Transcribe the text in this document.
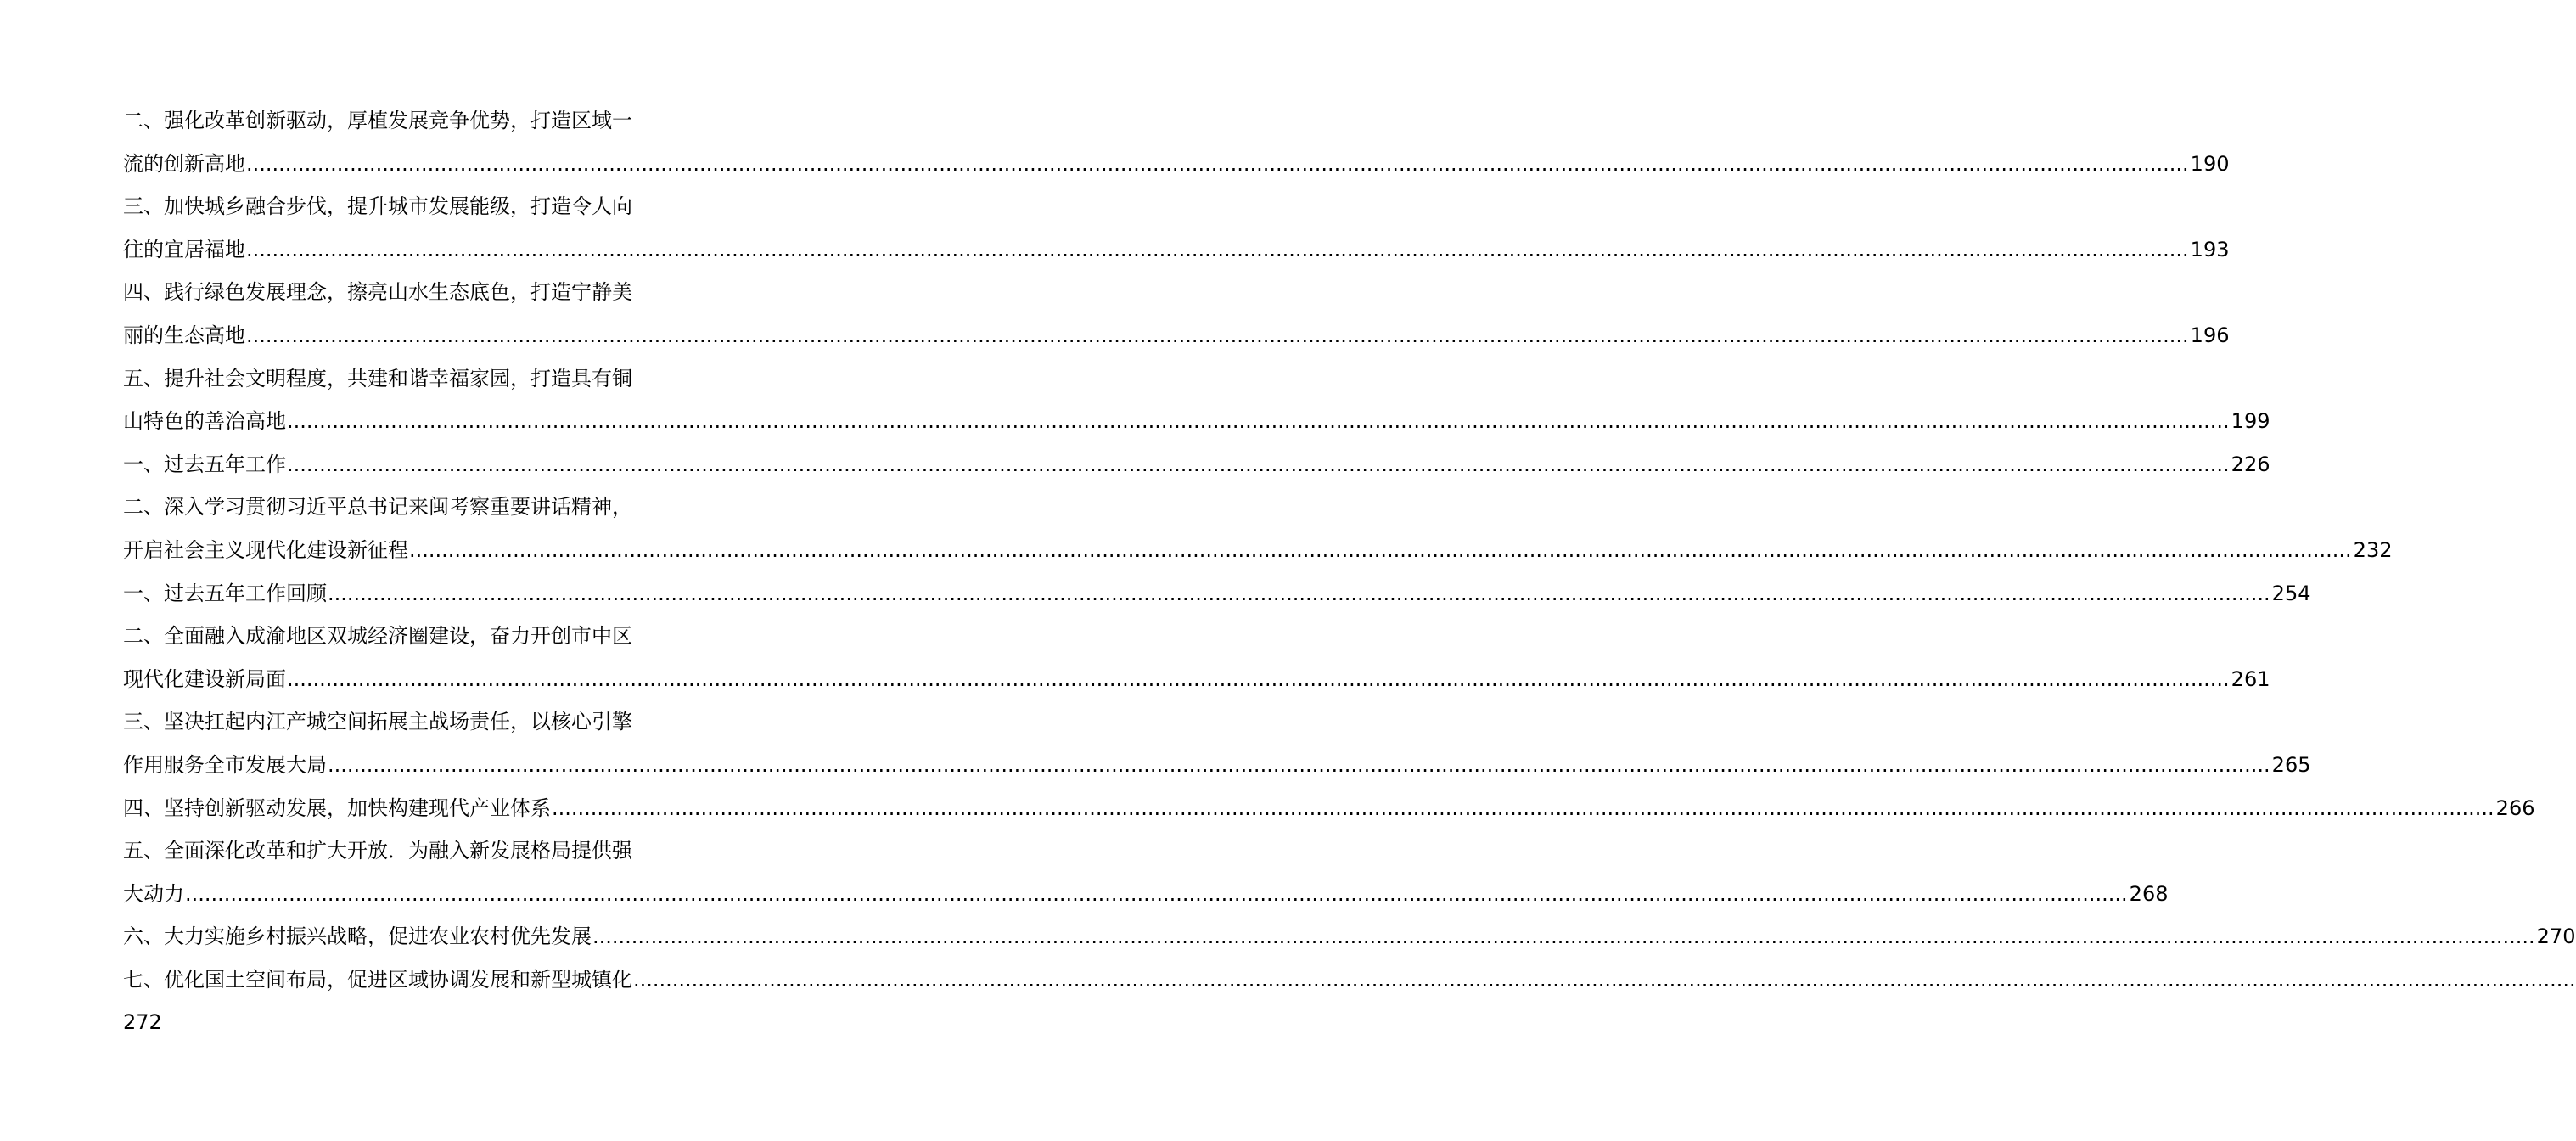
二、强化改革创新驱动，厚植发展竞争优势，打造区域一
流的创新高地 ............................................................................................................................................................................................................................................................................................................ 190
三、加快城乡融合步伐，提升城市发展能级，打造令人向
往的宜居福地 ............................................................................................................................................................................................................................................................................................................ 193
四、践行绿色发展理念，擦亮山水生态底色，打造宁静美
丽的生态高地 ............................................................................................................................................................................................................................................................................................................ 196
五、提升社会文明程度，共建和谐幸福家园，打造具有铜
山特色的善治高地 ............................................................................................................................................................................................................................................................................................................ 199
一、过去五年工作 ............................................................................................................................................................................................................................................................................................................ 226
二、深入学习贯彻习近平总书记来闽考察重要讲话精神，
开启社会主义现代化建设新征程 ............................................................................................................................................................................................................................................................................................................ 232
一、过去五年工作回顾 ............................................................................................................................................................................................................................................................................................................ 254
二、全面融入成渝地区双城经济圈建设，奋力开创市中区
现代化建设新局面 ............................................................................................................................................................................................................................................................................................................ 261
三、坚决扛起内江产城空间拓展主战场责任，以核心引擎
作用服务全市发展大局 ............................................................................................................................................................................................................................................................................................................ 265
四、坚持创新驱动发展，加快构建现代产业体系 ............................................................................................................................................................................................................................................................................................................ 266
五、全面深化改革和扩大开放．为融入新发展格局提供强
大动力 ............................................................................................................................................................................................................................................................................................................ 268
六、大力实施乡村振兴战略，促进农业农村优先发展 ............................................................................................................................................................................................................................................................................................................ 270
七、优化国土空间布局，促进区域协调发展和新型城镇化 ............................................................................................................................................................................................................................................................................................................
272
